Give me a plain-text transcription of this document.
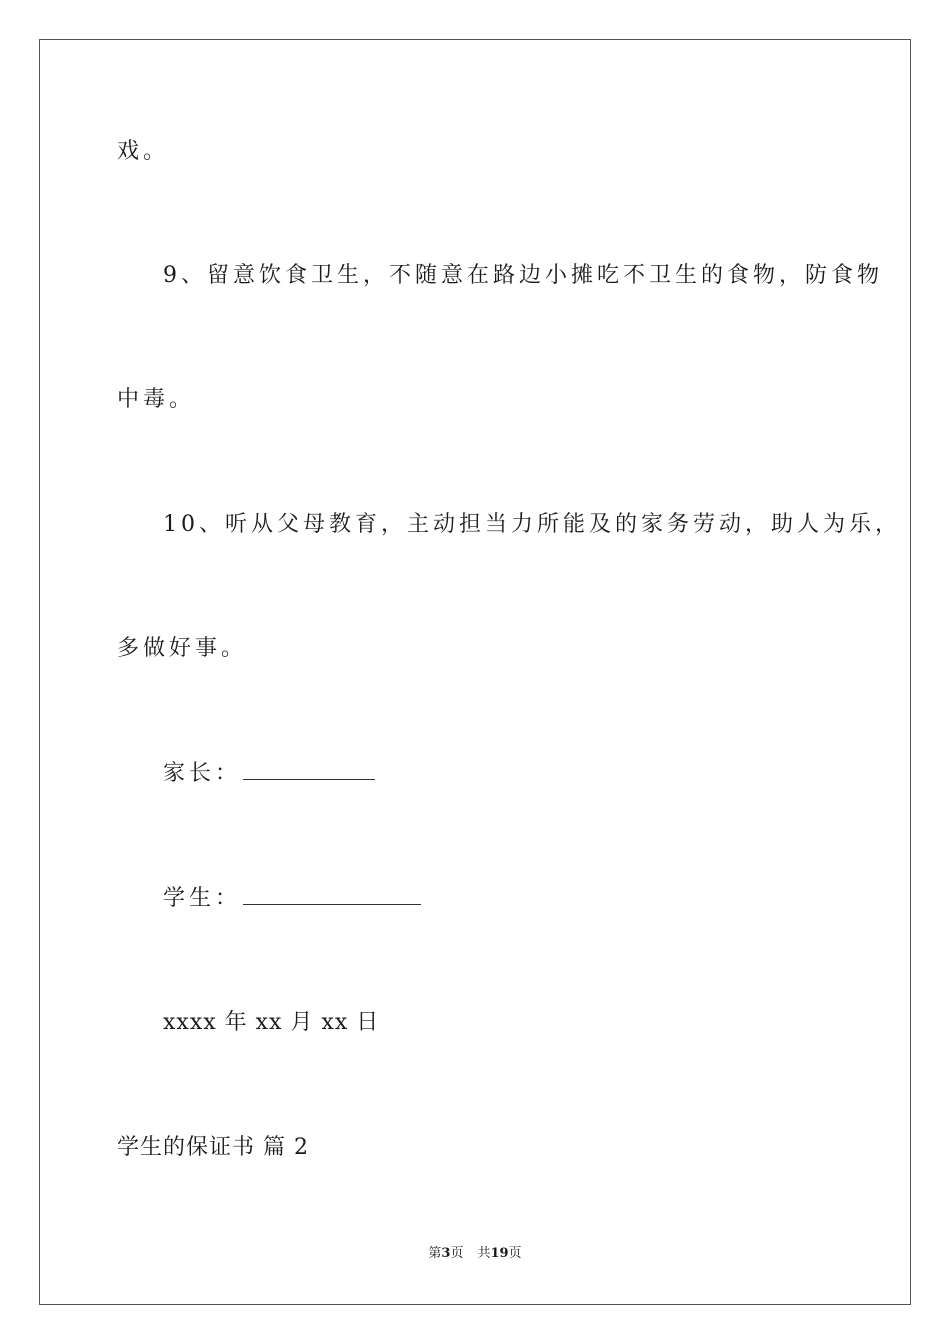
戏。
9、留意饮食卫生，不随意在路边小摊吃不卫生的食物，防食物
中毒。
10、听从父母教育，主动担当力所能及的家务劳动，助人为乐，
多做好事。
家长：
学生：
xxxx 年 xx 月 xx 日
学生的保证书 篇 2
第3页 共19页
